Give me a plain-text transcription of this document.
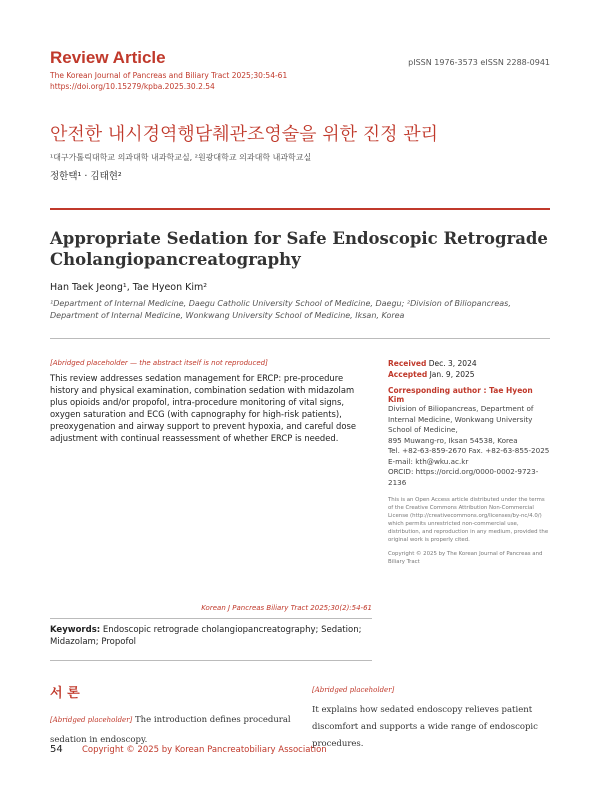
Review Article	pISSN 1976-3573 eISSN 2288-0941
The Korean Journal of Pancreas and Biliary Tract 2025;30:54-61
https://doi.org/10.15279/kpba.2025.30.2.54
안전한 내시경역행담췌관조영술을 위한 진정 관리
¹대구가톨릭대학교 의과대학 내과학교실, ²원광대학교 의과대학 내과학교실
정한택¹ · 김태현²
Appropriate Sedation for Safe Endoscopic Retrograde Cholangiopancreatography
Han Taek Jeong¹, Tae Hyeon Kim²
¹Department of Internal Medicine, Daegu Catholic University School of Medicine, Daegu; ²Division of Biliopancreas, Department of Internal Medicine, Wonkwang University School of Medicine, Iksan, Korea
[Abridged placeholder — the abstract itself is not reproduced]
This review addresses sedation management for ERCP: pre-procedure history and physical examination, combination sedation with midazolam plus opioids and/or propofol, intra-procedure monitoring of vital signs, oxygen saturation and ECG (with capnography for high-risk patients), preoxygenation and airway support to prevent hypoxia, and careful dose adjustment with continual reassessment of whether ERCP is needed.
Korean J Pancreas Biliary Tract 2025;30(2):54-61
Keywords: Endoscopic retrograde cholangiopancreatography; Sedation; Midazolam; Propofol
Received Dec. 3, 2024
Accepted Jan. 9, 2025
Corresponding author : Tae Hyeon Kim
Division of Biliopancreas, Department of Internal Medicine, Wonkwang University School of Medicine,
895 Muwang-ro, Iksan 54538, Korea
Tel. +82-63-859-2670 Fax. +82-63-855-2025
E-mail: kth@wku.ac.kr
ORCID: https://orcid.org/0000-0002-9723-2136
This is an Open Access article distributed under the terms of the Creative Commons Attribution Non-Commercial License (http://creativecommons.org/licenses/by-nc/4.0/) which permits unrestricted non-commercial use, distribution, and reproduction in any medium, provided the original work is properly cited.
Copyright © 2025 by The Korean Journal of Pancreas and Biliary Tract
서 론
[Abridged placeholder] The introduction defines procedural sedation in endoscopy.
[Abridged placeholder]
It explains how sedated endoscopy relieves patient discomfort and supports a wide range of endoscopic procedures.
54 Copyright © 2025 by Korean Pancreatobiliary Association
